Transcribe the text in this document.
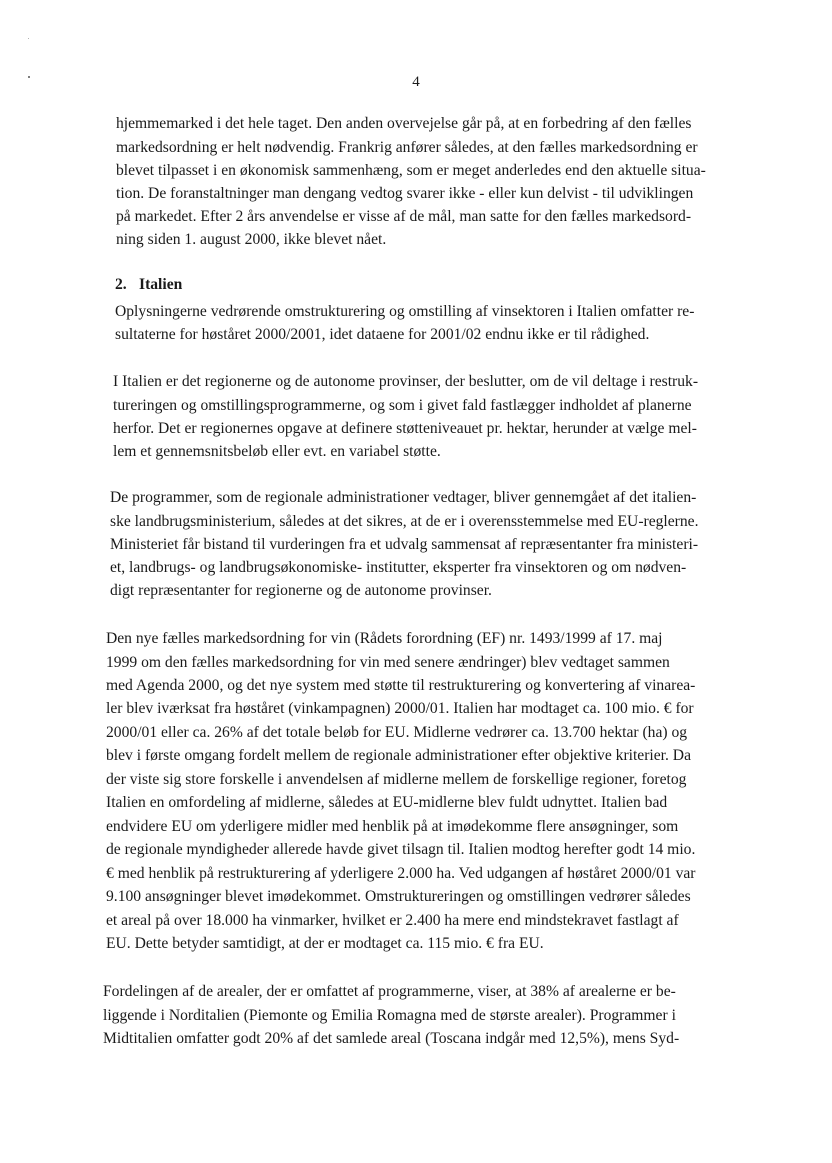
4
hjemmemarked i det hele taget. Den anden overvejelse går på, at en forbedring af den fælles
markedsordning er helt nødvendig. Frankrig anfører således, at den fælles markedsordning er
blevet tilpasset i en økonomisk sammenhæng, som er meget anderledes end den aktuelle situa-
tion. De foranstaltninger man dengang vedtog svarer ikke - eller kun delvist - til udviklingen
på markedet. Efter 2 års anvendelse er visse af de mål, man satte for den fælles markedsord-
ning siden 1. august 2000, ikke blevet nået.
2. Italien
Oplysningerne vedrørende omstrukturering og omstilling af vinsektoren i Italien omfatter re-
sultaterne for høståret 2000/2001, idet dataene for 2001/02 endnu ikke er til rådighed.
I Italien er det regionerne og de autonome provinser, der beslutter, om de vil deltage i restruk-
tureringen og omstillingsprogrammerne, og som i givet fald fastlægger indholdet af planerne
herfor. Det er regionernes opgave at definere støtteniveauet pr. hektar, herunder at vælge mel-
lem et gennemsnitsbeløb eller evt. en variabel støtte.
De programmer, som de regionale administrationer vedtager, bliver gennemgået af det italien-
ske landbrugsministerium, således at det sikres, at de er i overensstemmelse med EU-reglerne.
Ministeriet får bistand til vurderingen fra et udvalg sammensat af repræsentanter fra ministeri-
et, landbrugs- og landbrugsøkonomiske- institutter, eksperter fra vinsektoren og om nødven-
digt repræsentanter for regionerne og de autonome provinser.
Den nye fælles markedsordning for vin (Rådets forordning (EF) nr. 1493/1999 af 17. maj
1999 om den fælles markedsordning for vin med senere ændringer) blev vedtaget sammen
med Agenda 2000, og det nye system med støtte til restrukturering og konvertering af vinarea-
ler blev iværksat fra høståret (vinkampagnen) 2000/01. Italien har modtaget ca. 100 mio. € for
2000/01 eller ca. 26% af det totale beløb for EU. Midlerne vedrører ca. 13.700 hektar (ha) og
blev i første omgang fordelt mellem de regionale administrationer efter objektive kriterier. Da
der viste sig store forskelle i anvendelsen af midlerne mellem de forskellige regioner, foretog
Italien en omfordeling af midlerne, således at EU-midlerne blev fuldt udnyttet. Italien bad
endvidere EU om yderligere midler med henblik på at imødekomme flere ansøgninger, som
de regionale myndigheder allerede havde givet tilsagn til. Italien modtog herefter godt 14 mio.
€ med henblik på restrukturering af yderligere 2.000 ha. Ved udgangen af høståret 2000/01 var
9.100 ansøgninger blevet imødekommet. Omstruktureringen og omstillingen vedrører således
et areal på over 18.000 ha vinmarker, hvilket er 2.400 ha mere end mindstekravet fastlagt af
EU. Dette betyder samtidigt, at der er modtaget ca. 115 mio. € fra EU.
Fordelingen af de arealer, der er omfattet af programmerne, viser, at 38% af arealerne er be-
liggende i Norditalien (Piemonte og Emilia Romagna med de største arealer). Programmer i
Midtitalien omfatter godt 20% af det samlede areal (Toscana indgår med 12,5%), mens Syd-
